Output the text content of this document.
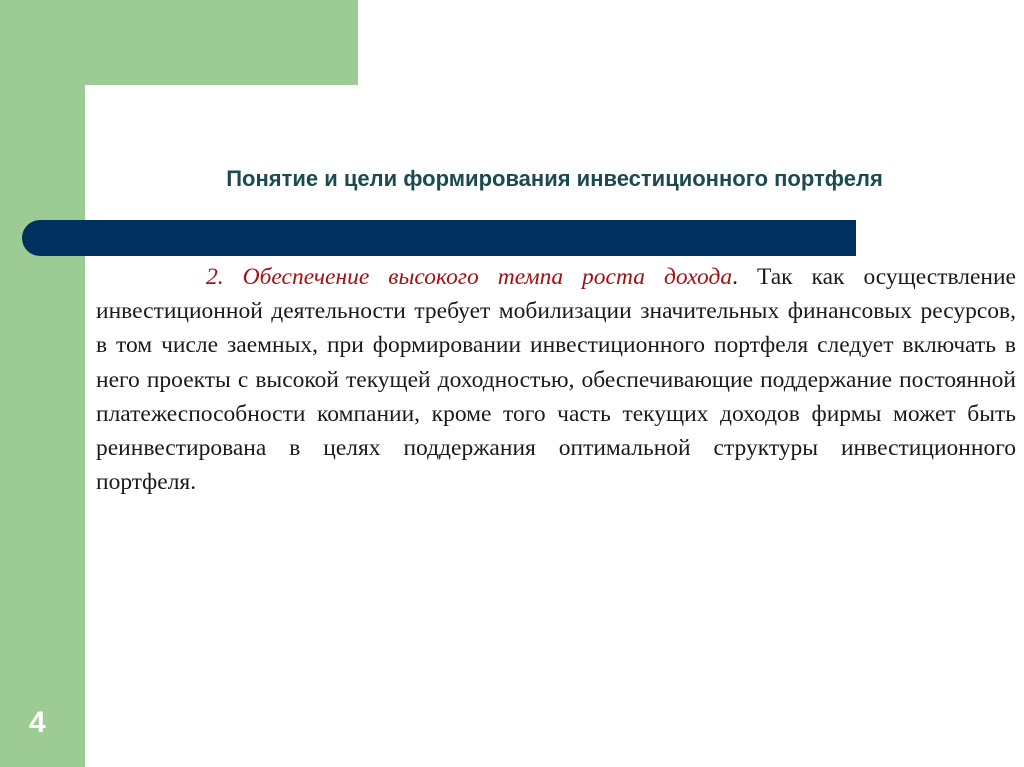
Понятие и цели формирования инвестиционного портфеля

2. Обеспечение высокого темпа роста дохода. Так как осуществление инвестиционной деятельности требует мобилизации значительных финансовых ресурсов, в том числе заемных, при формировании инвестиционного портфеля следует включать в него проекты с высокой текущей доходностью, обеспечивающие поддержание постоянной платежеспособности компании, кроме того часть текущих доходов фирмы может быть реинвестирована в целях поддержания оптимальной структуры инвестиционного портфеля.

4
